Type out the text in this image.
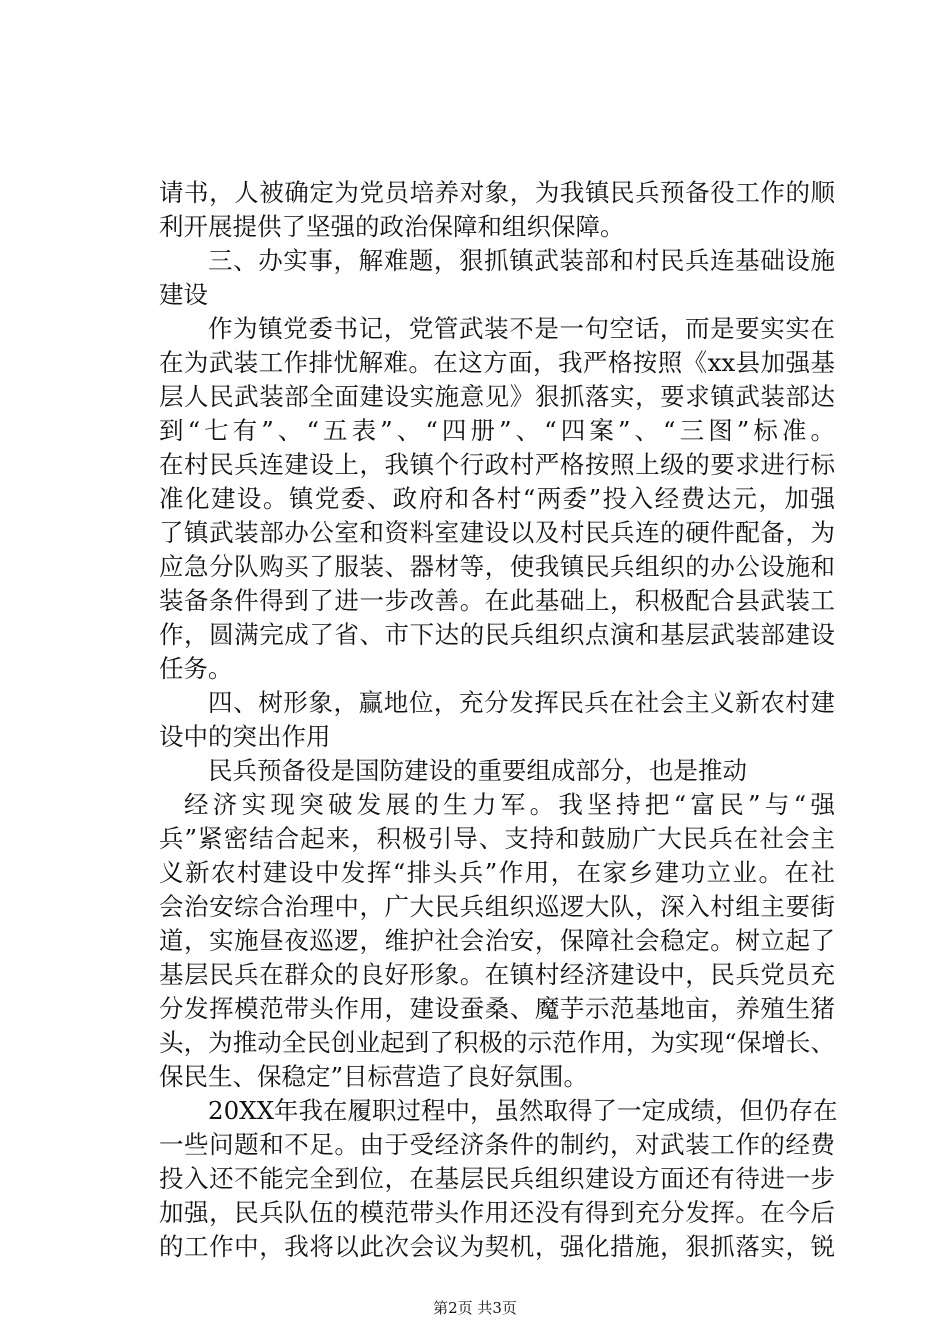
请书，人被确定为党员培养对象，为我镇民兵预备役工作的顺
利开展提供了坚强的政治保障和组织保障。
三、办实事，解难题，狠抓镇武装部和村民兵连基础设施
建设
作为镇党委书记，党管武装不是一句空话，而是要实实在
在为武装工作排忧解难。在这方面，我严格按照《xx县加强基
层人民武装部全面建设实施意见》狠抓落实，要求镇武装部达
到“七有”、“五表”、“四册”、“四案”、“三图”标准。
在村民兵连建设上，我镇个行政村严格按照上级的要求进行标
准化建设。镇党委、政府和各村“两委”投入经费达元，加强
了镇武装部办公室和资料室建设以及村民兵连的硬件配备，为
应急分队购买了服装、器材等，使我镇民兵组织的办公设施和
装备条件得到了进一步改善。在此基础上，积极配合县武装工
作，圆满完成了省、市下达的民兵组织点演和基层武装部建设
任务。
四、树形象，赢地位，充分发挥民兵在社会主义新农村建
设中的突出作用
民兵预备役是国防建设的重要组成部分，也是推动
经济实现突破发展的生力军。我坚持把“富民”与“强
兵”紧密结合起来，积极引导、支持和鼓励广大民兵在社会主
义新农村建设中发挥“排头兵”作用，在家乡建功立业。在社
会治安综合治理中，广大民兵组织巡逻大队，深入村组主要街
道，实施昼夜巡逻，维护社会治安，保障社会稳定。树立起了
基层民兵在群众的良好形象。在镇村经济建设中，民兵党员充
分发挥模范带头作用，建设蚕桑、魔芋示范基地亩，养殖生猪
头，为推动全民创业起到了积极的示范作用，为实现“保增长、
保民生、保稳定”目标营造了良好氛围。
20XX年我在履职过程中，虽然取得了一定成绩，但仍存在
一些问题和不足。由于受经济条件的制约，对武装工作的经费
投入还不能完全到位，在基层民兵组织建设方面还有待进一步
加强，民兵队伍的模范带头作用还没有得到充分发挥。在今后
的工作中，我将以此次会议为契机，强化措施，狠抓落实，锐
第2页 共3页
